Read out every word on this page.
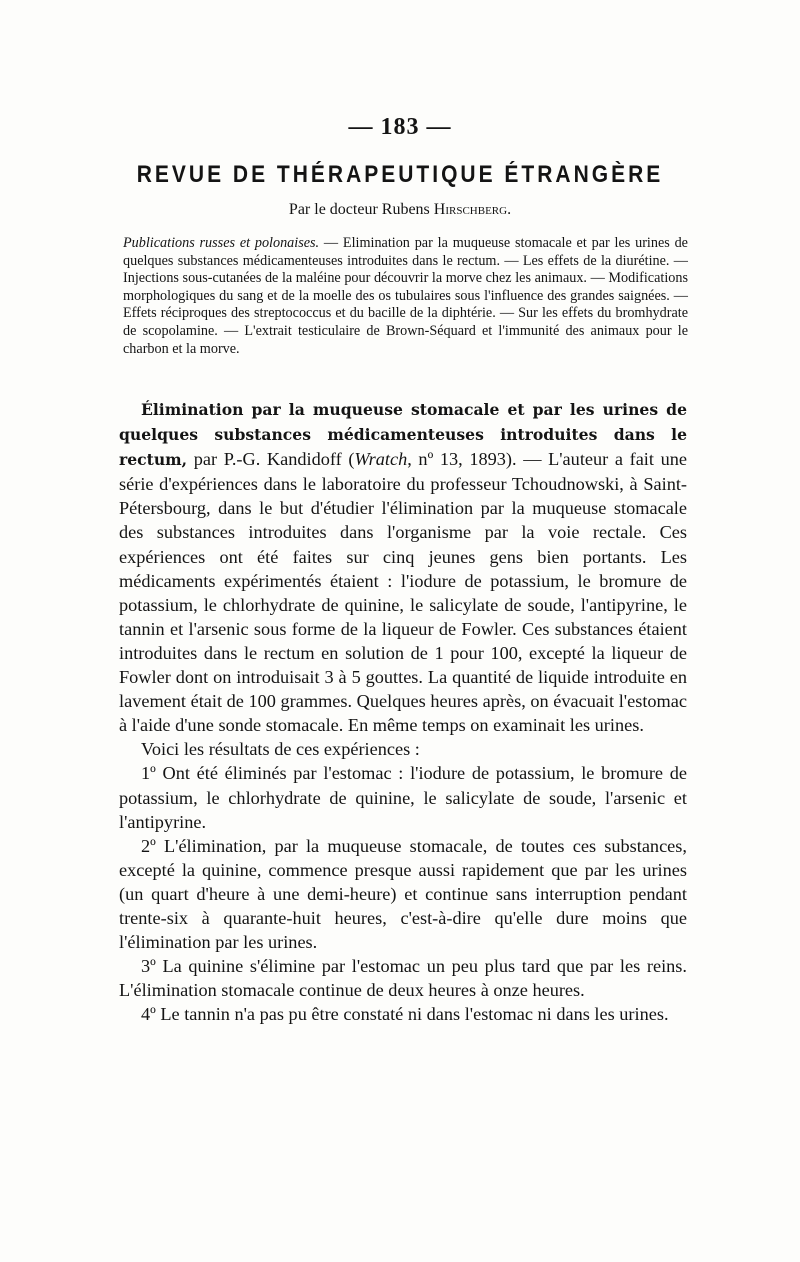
— 183 —
REVUE DE THÉRAPEUTIQUE ÉTRANGÈRE
Par le docteur Rubens Hirschberg.
Publications russes et polonaises. — Elimination par la muqueuse stomacale et par les urines de quelques substances médicamenteuses introduites dans le rectum. — Les effets de la diurétine. — Injections sous-cutanées de la maléine pour découvrir la morve chez les animaux. — Modifications morphologiques du sang et de la moelle des os tubulaires sous l'influence des grandes saignées. — Effets réciproques des streptococcus et du bacille de la diphtérie. — Sur les effets du bromhydrate de scopolamine. — L'extrait testiculaire de Brown-Séquard et l'immunité des animaux pour le charbon et la morve.

Élimination par la muqueuse stomacale et par les urines de quelques substances médicamenteuses introduites dans le rectum, par P.-G. Kandidoff (Wratch, nº 13, 1893). — L'auteur a fait une série d'expériences dans le laboratoire du professeur Tchoudnowski, à Saint-Pétersbourg, dans le but d'étudier l'élimination par la muqueuse stomacale des substances introduites dans l'organisme par la voie rectale. Ces expériences ont été faites sur cinq jeunes gens bien portants. Les médicaments expérimentés étaient : l'iodure de potassium, le bromure de potassium, le chlorhydrate de quinine, le salicylate de soude, l'antipyrine, le tannin et l'arsenic sous forme de la liqueur de Fowler. Ces substances étaient introduites dans le rectum en solution de 1 pour 100, excepté la liqueur de Fowler dont on introduisait 3 à 5 gouttes. La quantité de liquide introduite en lavement était de 100 grammes. Quelques heures après, on évacuait l'estomac à l'aide d'une sonde stomacale. En même temps on examinait les urines.

Voici les résultats de ces expériences :

1º Ont été éliminés par l'estomac : l'iodure de potassium, le bromure de potassium, le chlorhydrate de quinine, le salicylate de soude, l'arsenic et l'antipyrine.

2º L'élimination, par la muqueuse stomacale, de toutes ces substances, excepté la quinine, commence presque aussi rapidement que par les urines (un quart d'heure à une demi-heure) et continue sans interruption pendant trente-six à quarante-huit heures, c'est-à-dire qu'elle dure moins que l'élimination par les urines.

3º La quinine s'élimine par l'estomac un peu plus tard que par les reins. L'élimination stomacale continue de deux heures à onze heures.

4º Le tannin n'a pas pu être constaté ni dans l'estomac ni dans les urines.
